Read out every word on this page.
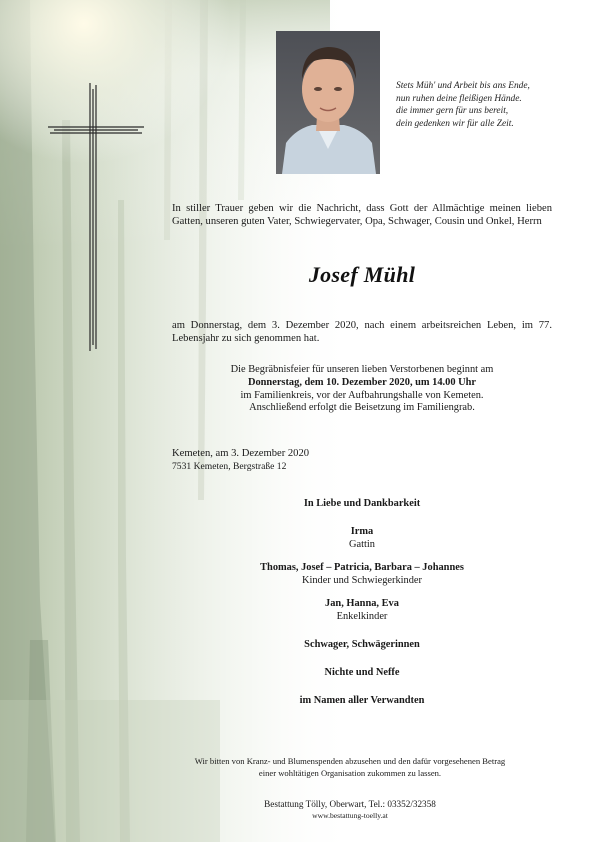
Stets Müh' und Arbeit bis ans Ende,
nun ruhen deine fleißigen Hände.
die immer gern für uns bereit,
dein gedenken wir für alle Zeit.
In stiller Trauer geben wir die Nachricht, dass Gott der Allmächtige meinen lieben Gatten, unseren guten Vater, Schwiegervater, Opa, Schwager, Cousin und Onkel, Herrn
Josef Mühl
am Donnerstag, dem 3. Dezember 2020, nach einem arbeitsreichen Leben, im 77. Lebensjahr zu sich genommen hat.
Die Begräbnisfeier für unseren lieben Verstorbenen beginnt am
Donnerstag, dem 10. Dezember 2020, um 14.00 Uhr
im Familienkreis, vor der Aufbahrungshalle von Kemeten.
Anschließend erfolgt die Beisetzung im Familiengrab.
Kemeten, am 3. Dezember 2020
7531 Kemeten, Bergstraße 12
In Liebe und Dankbarkeit
Irma
Gattin
Thomas, Josef – Patricia, Barbara – Johannes
Kinder und Schwiegerkinder
Jan, Hanna, Eva
Enkelkinder
Schwager, Schwägerinnen
Nichte und Neffe
im Namen aller Verwandten
Wir bitten von Kranz- und Blumenspenden abzusehen und den dafür vorgesehenen Betrag
einer wohltätigen Organisation zukommen zu lassen.
Bestattung Tölly, Oberwart, Tel.: 03352/32358
www.bestattung-toelly.at
